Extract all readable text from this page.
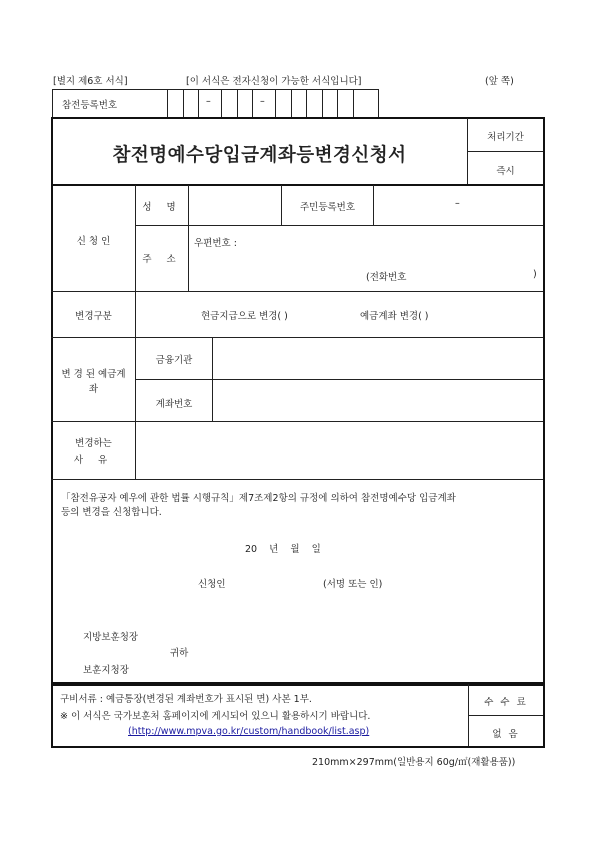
[별지 제6호 서식]	[이 서식은 전자신청이 가능한 서식입니다]	(앞 쪽)
참전등록번호	–	–
참전명예수당입금계좌등변경신청서
처리기간
즉시
신 청 인
성 명	주민등록번호	–
주 소
우편번호 :
(전화번호	)
변경구분	현금지급으로 변경( )	예금계좌 변경( )
변 경 된 예금계
좌
금융기관
계좌번호
변경하는
사 유
「참전유공자 예우에 관한 법률 시행규칙」제7조제2항의 규정에 의하여 참전명예수당 입금계좌
등의 변경을 신청합니다.
20    년    월    일
신청인	(서명 또는 인)
지방보훈청장
귀하
보훈지청장
구비서류 : 예금통장(변경된 계좌번호가 표시된 면) 사본 1부.
※ 이 서식은 국가보훈처 홈페이지에 게시되어 있으니 활용하시기 바랍니다.
(http://www.mpva.go.kr/custom/handbook/list.asp)
수 수 료
없 음
210mm×297mm(일반용지 60g/㎡(재활용품))
